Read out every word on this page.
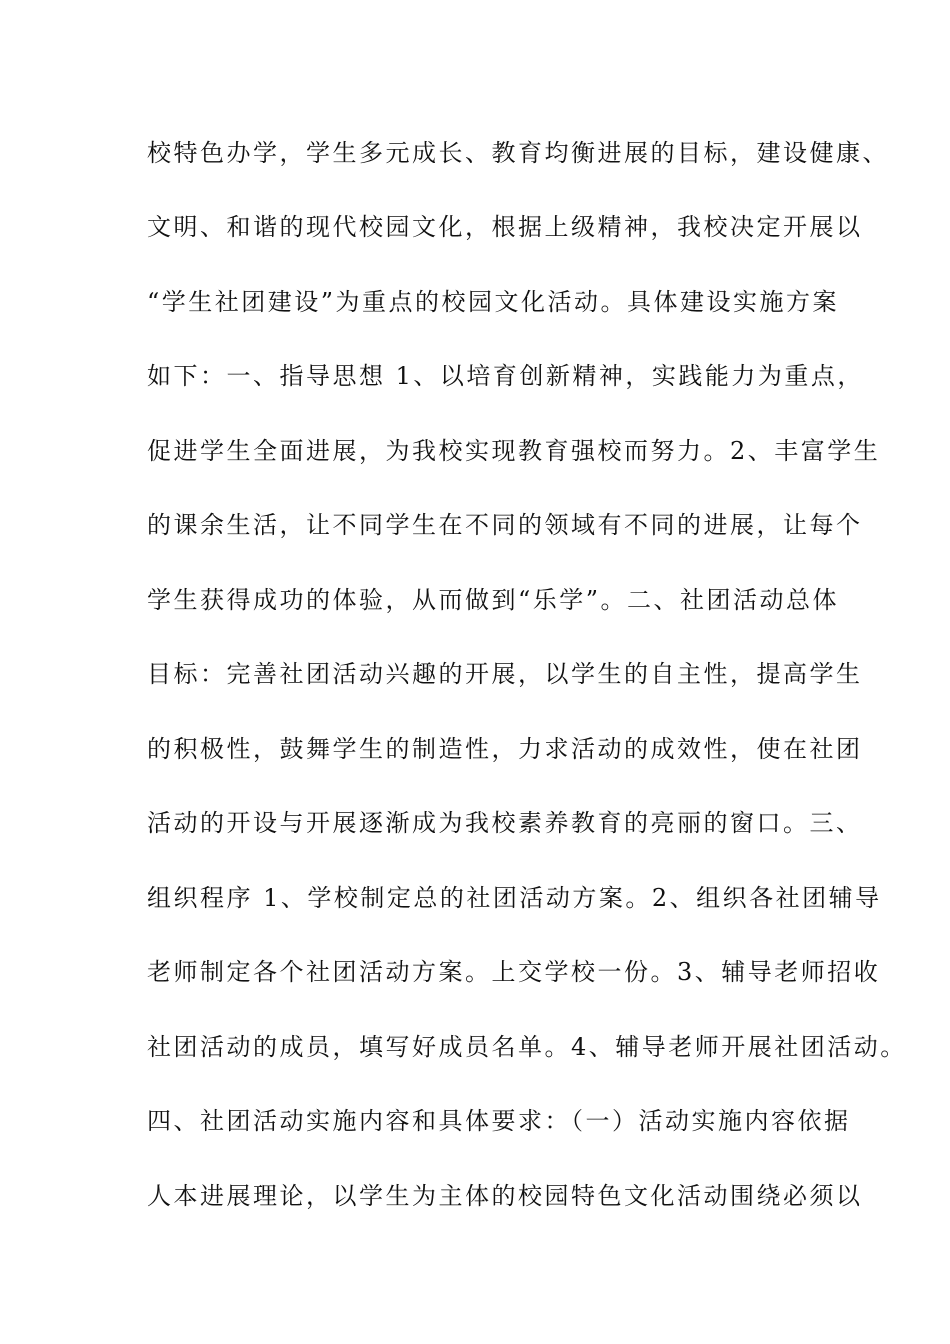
校特色办学，学生多元成长、教育均衡进展的目标，建设健康、
文明、和谐的现代校园文化，根据上级精神，我校决定开展以
“学生社团建设”为重点的校园文化活动。具体建设实施方案
如下：一、指导思想 1、以培育创新精神，实践能力为重点，
促进学生全面进展，为我校实现教育强校而努力。2、丰富学生
的课余生活，让不同学生在不同的领域有不同的进展，让每个
学生获得成功的体验，从而做到“乐学”。二、社团活动总体
目标：完善社团活动兴趣的开展，以学生的自主性，提高学生
的积极性，鼓舞学生的制造性，力求活动的成效性，使在社团
活动的开设与开展逐渐成为我校素养教育的亮丽的窗口。三、
组织程序 1、学校制定总的社团活动方案。2、组织各社团辅导
老师制定各个社团活动方案。上交学校一份。3、辅导老师招收
社团活动的成员，填写好成员名单。4、辅导老师开展社团活动。
四、社团活动实施内容和具体要求：（一）活动实施内容依据
人本进展理论，以学生为主体的校园特色文化活动围绕必须以
